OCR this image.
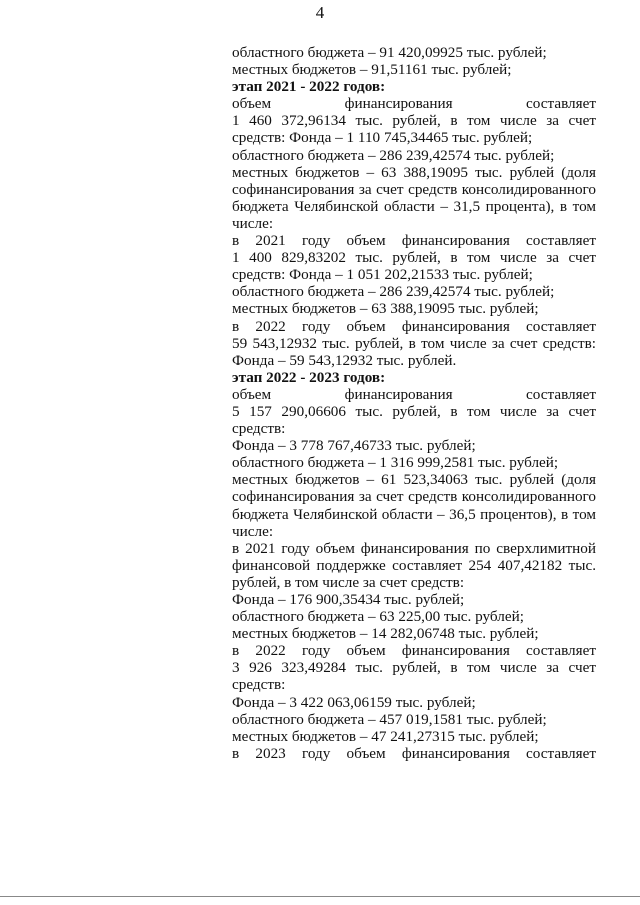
4
областного бюджета – 91 420,09925 тыс. рублей;
местных бюджетов – 91,51161 тыс. рублей;
этап 2021 - 2022 годов:
объем финансирования составляет
1 460 372,96134 тыс. рублей, в том числе за счет
средств: Фонда – 1 110 745,34465 тыс. рублей;
областного бюджета – 286 239,42574 тыс. рублей;
местных бюджетов – 63 388,19095 тыс. рублей (доля
софинансирования за счет средств консолидированного
бюджета Челябинской области – 31,5 процента), в том
числе:
в 2021 году объем финансирования составляет
1 400 829,83202 тыс. рублей, в том числе за счет
средств: Фонда – 1 051 202,21533 тыс. рублей;
областного бюджета – 286 239,42574 тыс. рублей;
местных бюджетов – 63 388,19095 тыс. рублей;
в 2022 году объем финансирования составляет
59 543,12932 тыс. рублей, в том числе за счет средств:
Фонда – 59 543,12932 тыс. рублей.
этап 2022 - 2023 годов:
объем финансирования составляет
5 157 290,06606 тыс. рублей, в том числе за счет
средств:
Фонда – 3 778 767,46733 тыс. рублей;
областного бюджета – 1 316 999,2581 тыс. рублей;
местных бюджетов – 61 523,34063 тыс. рублей (доля
софинансирования за счет средств консолидированного
бюджета Челябинской области – 36,5 процентов), в том
числе:
в 2021 году объем финансирования по сверхлимитной
финансовой поддержке составляет 254 407,42182 тыс.
рублей, в том числе за счет средств:
Фонда – 176 900,35434 тыс. рублей;
областного бюджета – 63 225,00 тыс. рублей;
местных бюджетов – 14 282,06748 тыс. рублей;
в 2022 году объем финансирования составляет
3 926 323,49284 тыс. рублей, в том числе за счет
средств:
Фонда – 3 422 063,06159 тыс. рублей;
областного бюджета – 457 019,1581 тыс. рублей;
местных бюджетов – 47 241,27315 тыс. рублей;
в 2023 году объем финансирования составляет
